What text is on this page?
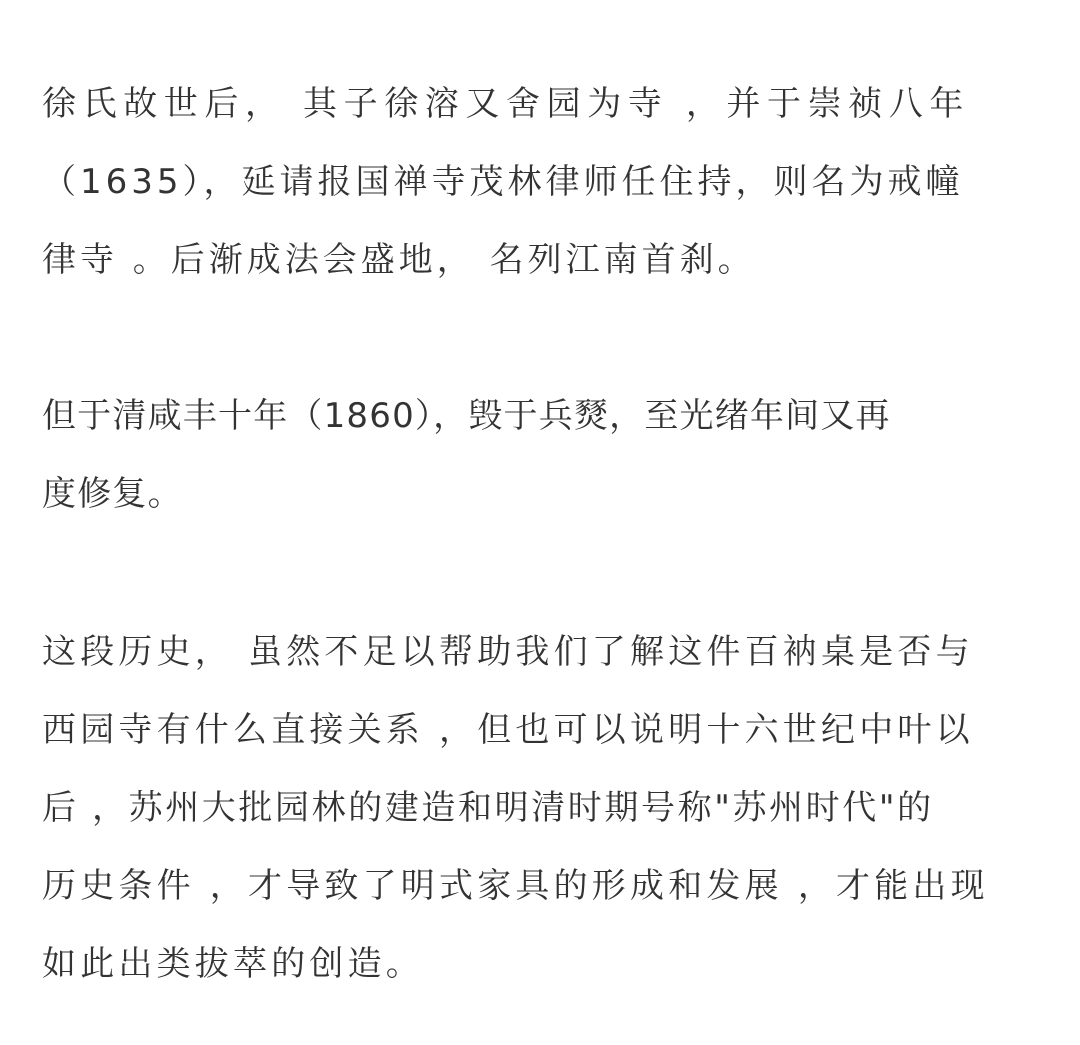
徐氏故世后， 其子徐溶又舍园为寺 ，并于崇祯八年
（1635），延请报国禅寺茂林律师任住持，则名为戒幢
律寺 。后渐成法会盛地， 名列江南首刹。
但于清咸丰十年（1860），毁于兵燹，至光绪年间又再
度修复。
这段历史， 虽然不足以帮助我们了解这件百衲桌是否与
西园寺有什么直接关系 ，但也可以说明十六世纪中叶以
后 ，苏州大批园林的建造和明清时期号称"苏州时代"的
历史条件 ，才导致了明式家具的形成和发展 ，才能出现
如此出类拔萃的创造。
